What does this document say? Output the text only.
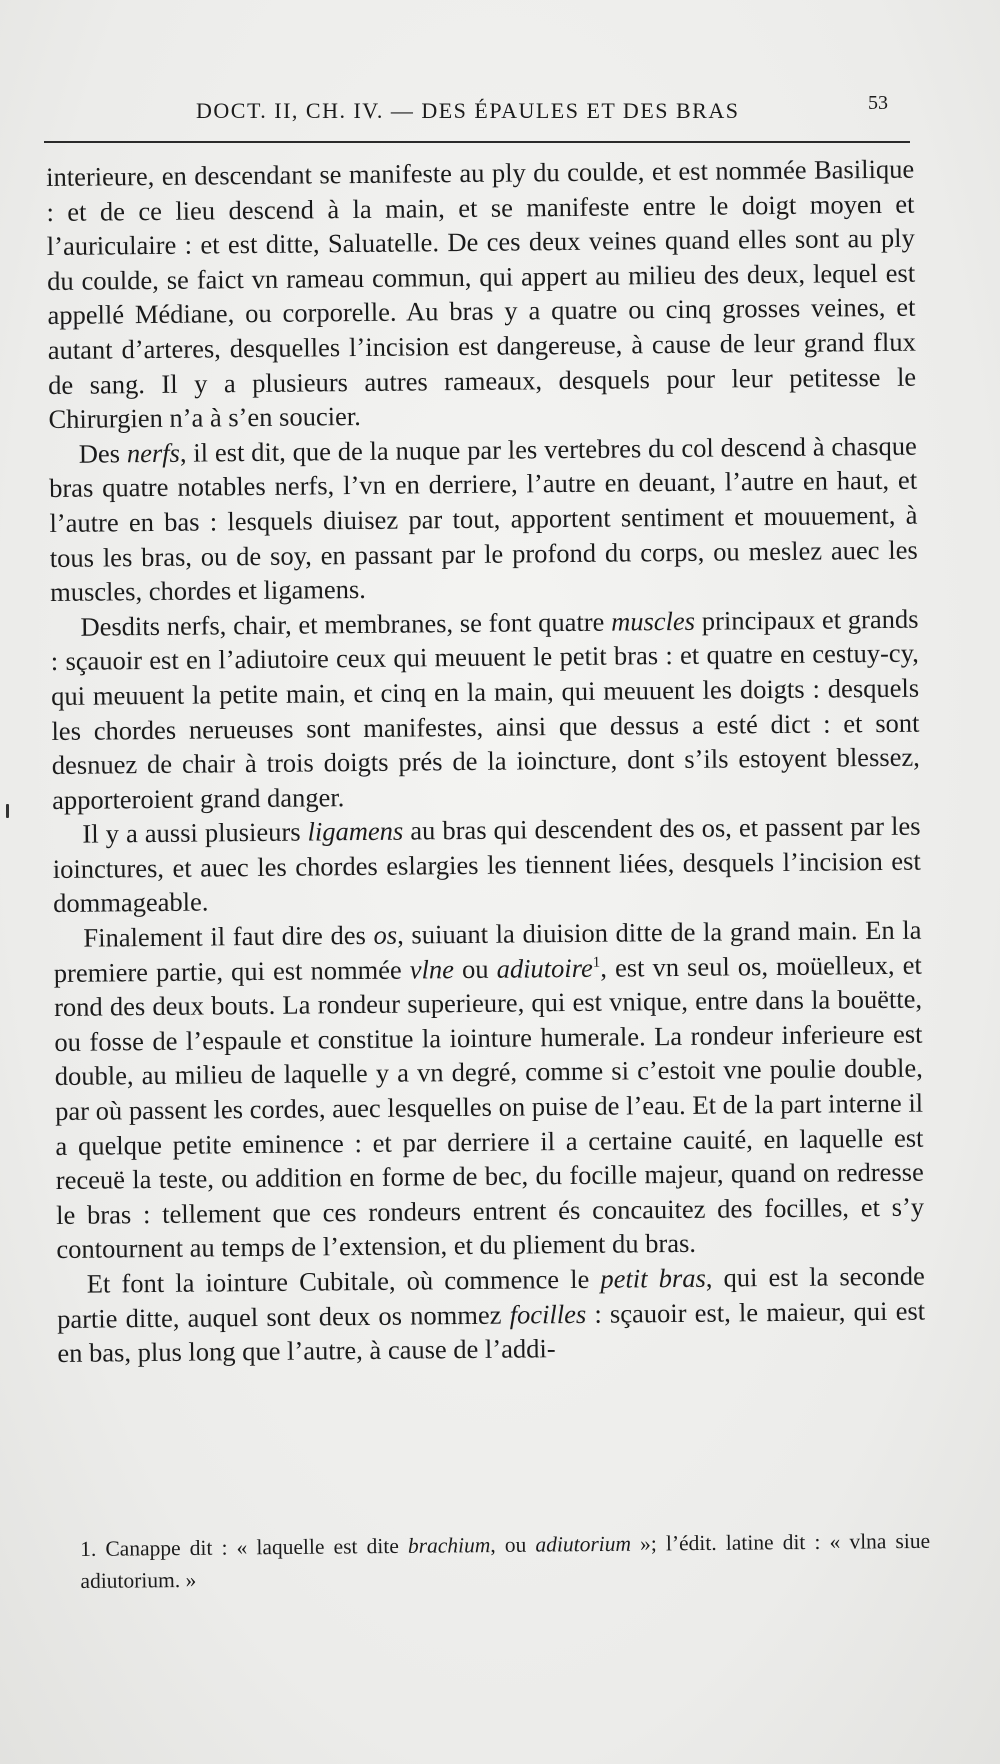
DOCT. II, CH. IV. — DES ÉPAULES ET DES BRAS	53

interieure, en descendant se manifeste au ply du coulde, et est nommée Basilique : et de ce lieu descend à la main, et se manifeste entre le doigt moyen et l’auriculaire : et est ditte, Saluatelle. De ces deux veines quand elles sont au ply du coulde, se faict vn rameau commun, qui appert au milieu des deux, lequel est appellé Médiane, ou corporelle. Au bras y a quatre ou cinq grosses veines, et autant d’arteres, desquelles l’incision est dangereuse, à cause de leur grand flux de sang. Il y a plusieurs autres rameaux, desquels pour leur petitesse le Chirurgien n’a à s’en soucier.

Des nerfs, il est dit, que de la nuque par les vertebres du col descend à chasque bras quatre notables nerfs, l’vn en derriere, l’autre en deuant, l’autre en haut, et l’autre en bas : lesquels diuisez par tout, apportent sentiment et mouuement, à tous les bras, ou de soy, en passant par le profond du corps, ou meslez auec les muscles, chordes et ligamens.

Desdits nerfs, chair, et membranes, se font quatre muscles principaux et grands : sçauoir est en l’adiutoire ceux qui meuuent le petit bras : et quatre en cestuy-cy, qui meuuent la petite main, et cinq en la main, qui meuuent les doigts : desquels les chordes nerueuses sont manifestes, ainsi que dessus a esté dict : et sont desnuez de chair à trois doigts prés de la ioincture, dont s’ils estoyent blessez, apporteroient grand danger.

Il y a aussi plusieurs ligamens au bras qui descendent des os, et passent par les ioinctures, et auec les chordes eslargies les tiennent liées, desquels l’incision est dommageable.

Finalement il faut dire des os, suiuant la diuision ditte de la grand main. En la premiere partie, qui est nommée vlne ou adiutoire$^1$, est vn seul os, moüelleux, et rond des deux bouts. La rondeur superieure, qui est vnique, entre dans la bouëtte, ou fosse de l’espaule et constitue la iointure humerale. La rondeur inferieure est double, au milieu de laquelle y a vn degré, comme si c’estoit vne poulie double, par où passent les cordes, auec lesquelles on puise de l’eau. Et de la part interne il a quelque petite eminence : et par derriere il a certaine cauité, en laquelle est receuë la teste, ou addition en forme de bec, du focille majeur, quand on redresse le bras : tellement que ces rondeurs entrent és concauitez des focilles, et s’y contournent au temps de l’extension, et du pliement du bras.

Et font la iointure Cubitale, où commence le petit bras, qui est la seconde partie ditte, auquel sont deux os nommez focilles : sçauoir est, le maieur, qui est en bas, plus long que l’autre, à cause de l’addi-

1. Canappe dit : « laquelle est dite brachium, ou adiutorium »; l’édit. latine dit : « vlna siue adiutorium. »
